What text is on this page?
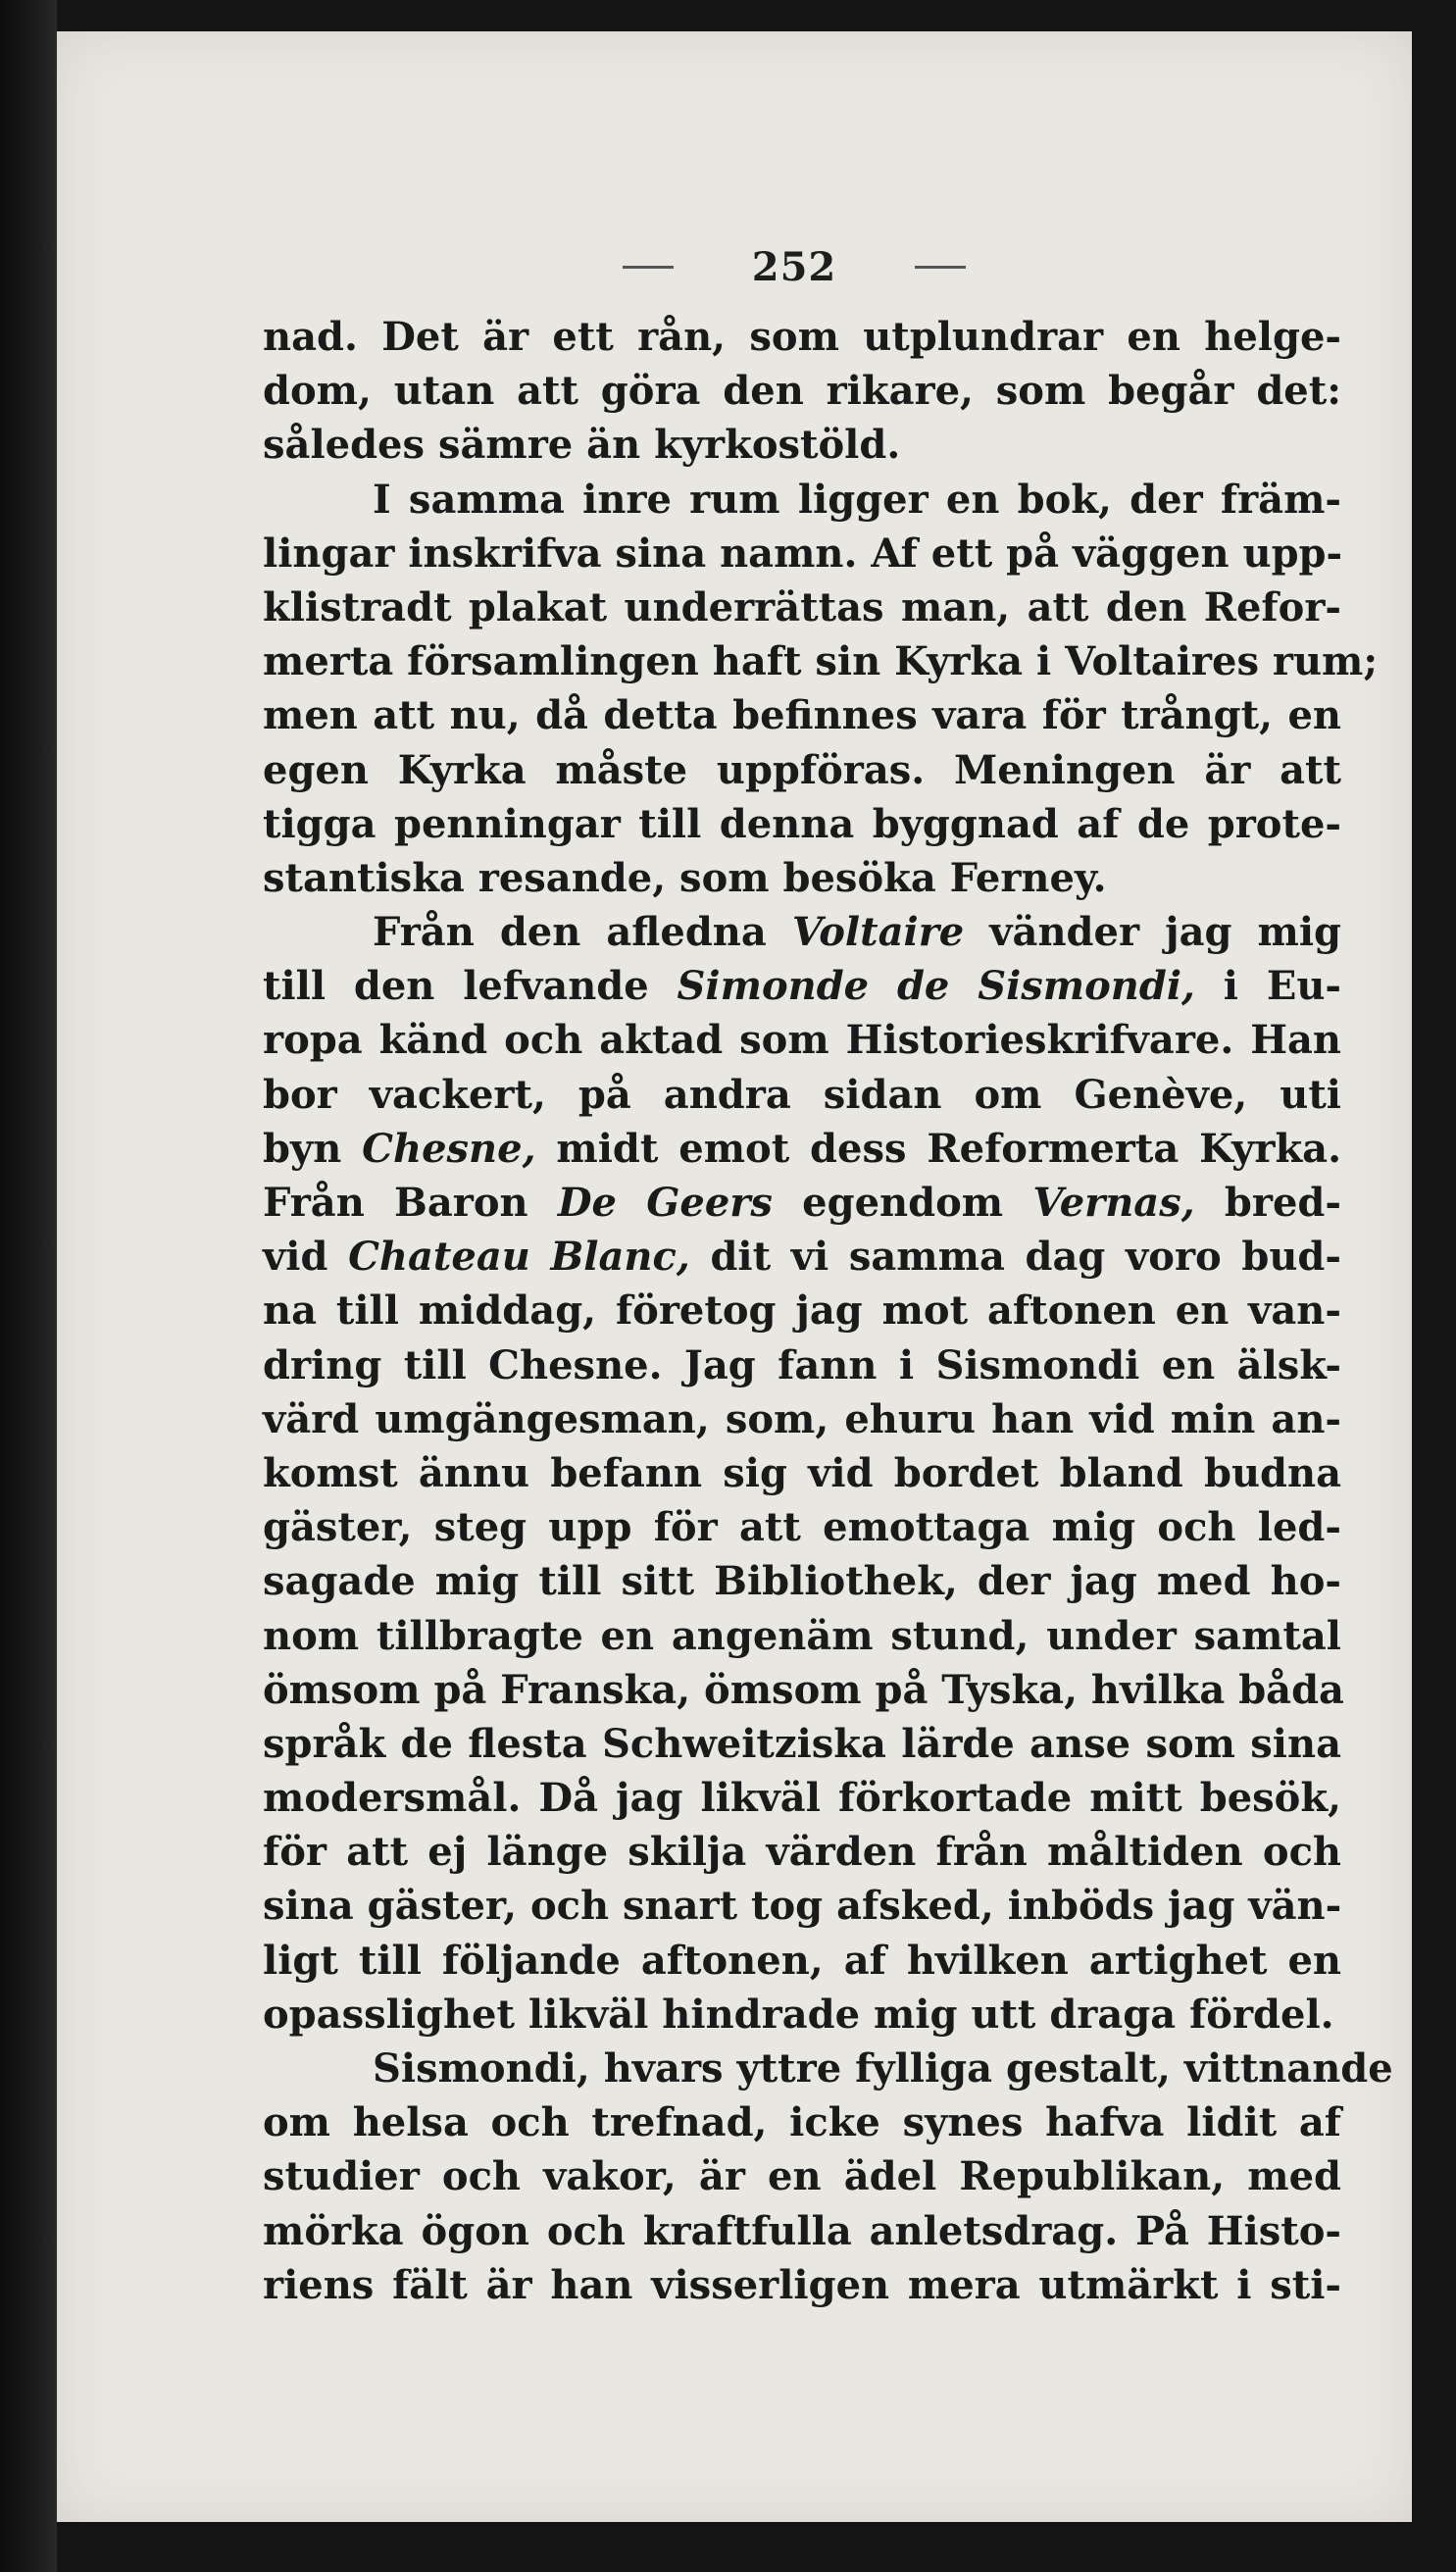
252
nad. Det är ett rån, som utplundrar en helge-
dom, utan att göra den rikare, som begår det:
således sämre än kyrkostöld.
I samma inre rum ligger en bok, der främ-
lingar inskrifva sina namn. Af ett på väggen upp-
klistradt plakat underrättas man, att den Refor-
merta församlingen haft sin Kyrka i Voltaires rum;
men att nu, då detta befinnes vara för trångt, en
egen Kyrka måste uppföras. Meningen är att
tigga penningar till denna byggnad af de prote-
stantiska resande, som besöka Ferney.
Från den afledna Voltaire vänder jag mig
till den lefvande Simonde de Sismondi, i Eu-
ropa känd och aktad som Historieskrifvare. Han
bor vackert, på andra sidan om Genève, uti
byn Chesne, midt emot dess Reformerta Kyrka.
Från Baron De Geers egendom Vernas, bred-
vid Chateau Blanc, dit vi samma dag voro bud-
na till middag, företog jag mot aftonen en van-
dring till Chesne. Jag fann i Sismondi en älsk-
värd umgängesman, som, ehuru han vid min an-
komst ännu befann sig vid bordet bland budna
gäster, steg upp för att emottaga mig och led-
sagade mig till sitt Bibliothek, der jag med ho-
nom tillbragte en angenäm stund, under samtal
ömsom på Franska, ömsom på Tyska, hvilka båda
språk de flesta Schweitziska lärde anse som sina
modersmål. Då jag likväl förkortade mitt besök,
för att ej länge skilja värden från måltiden och
sina gäster, och snart tog afsked, inböds jag vän-
ligt till följande aftonen, af hvilken artighet en
opasslighet likväl hindrade mig utt draga fördel.
Sismondi, hvars yttre fylliga gestalt, vittnande
om helsa och trefnad, icke synes hafva lidit af
studier och vakor, är en ädel Republikan, med
mörka ögon och kraftfulla anletsdrag. På Histo-
riens fält är han visserligen mera utmärkt i sti-
